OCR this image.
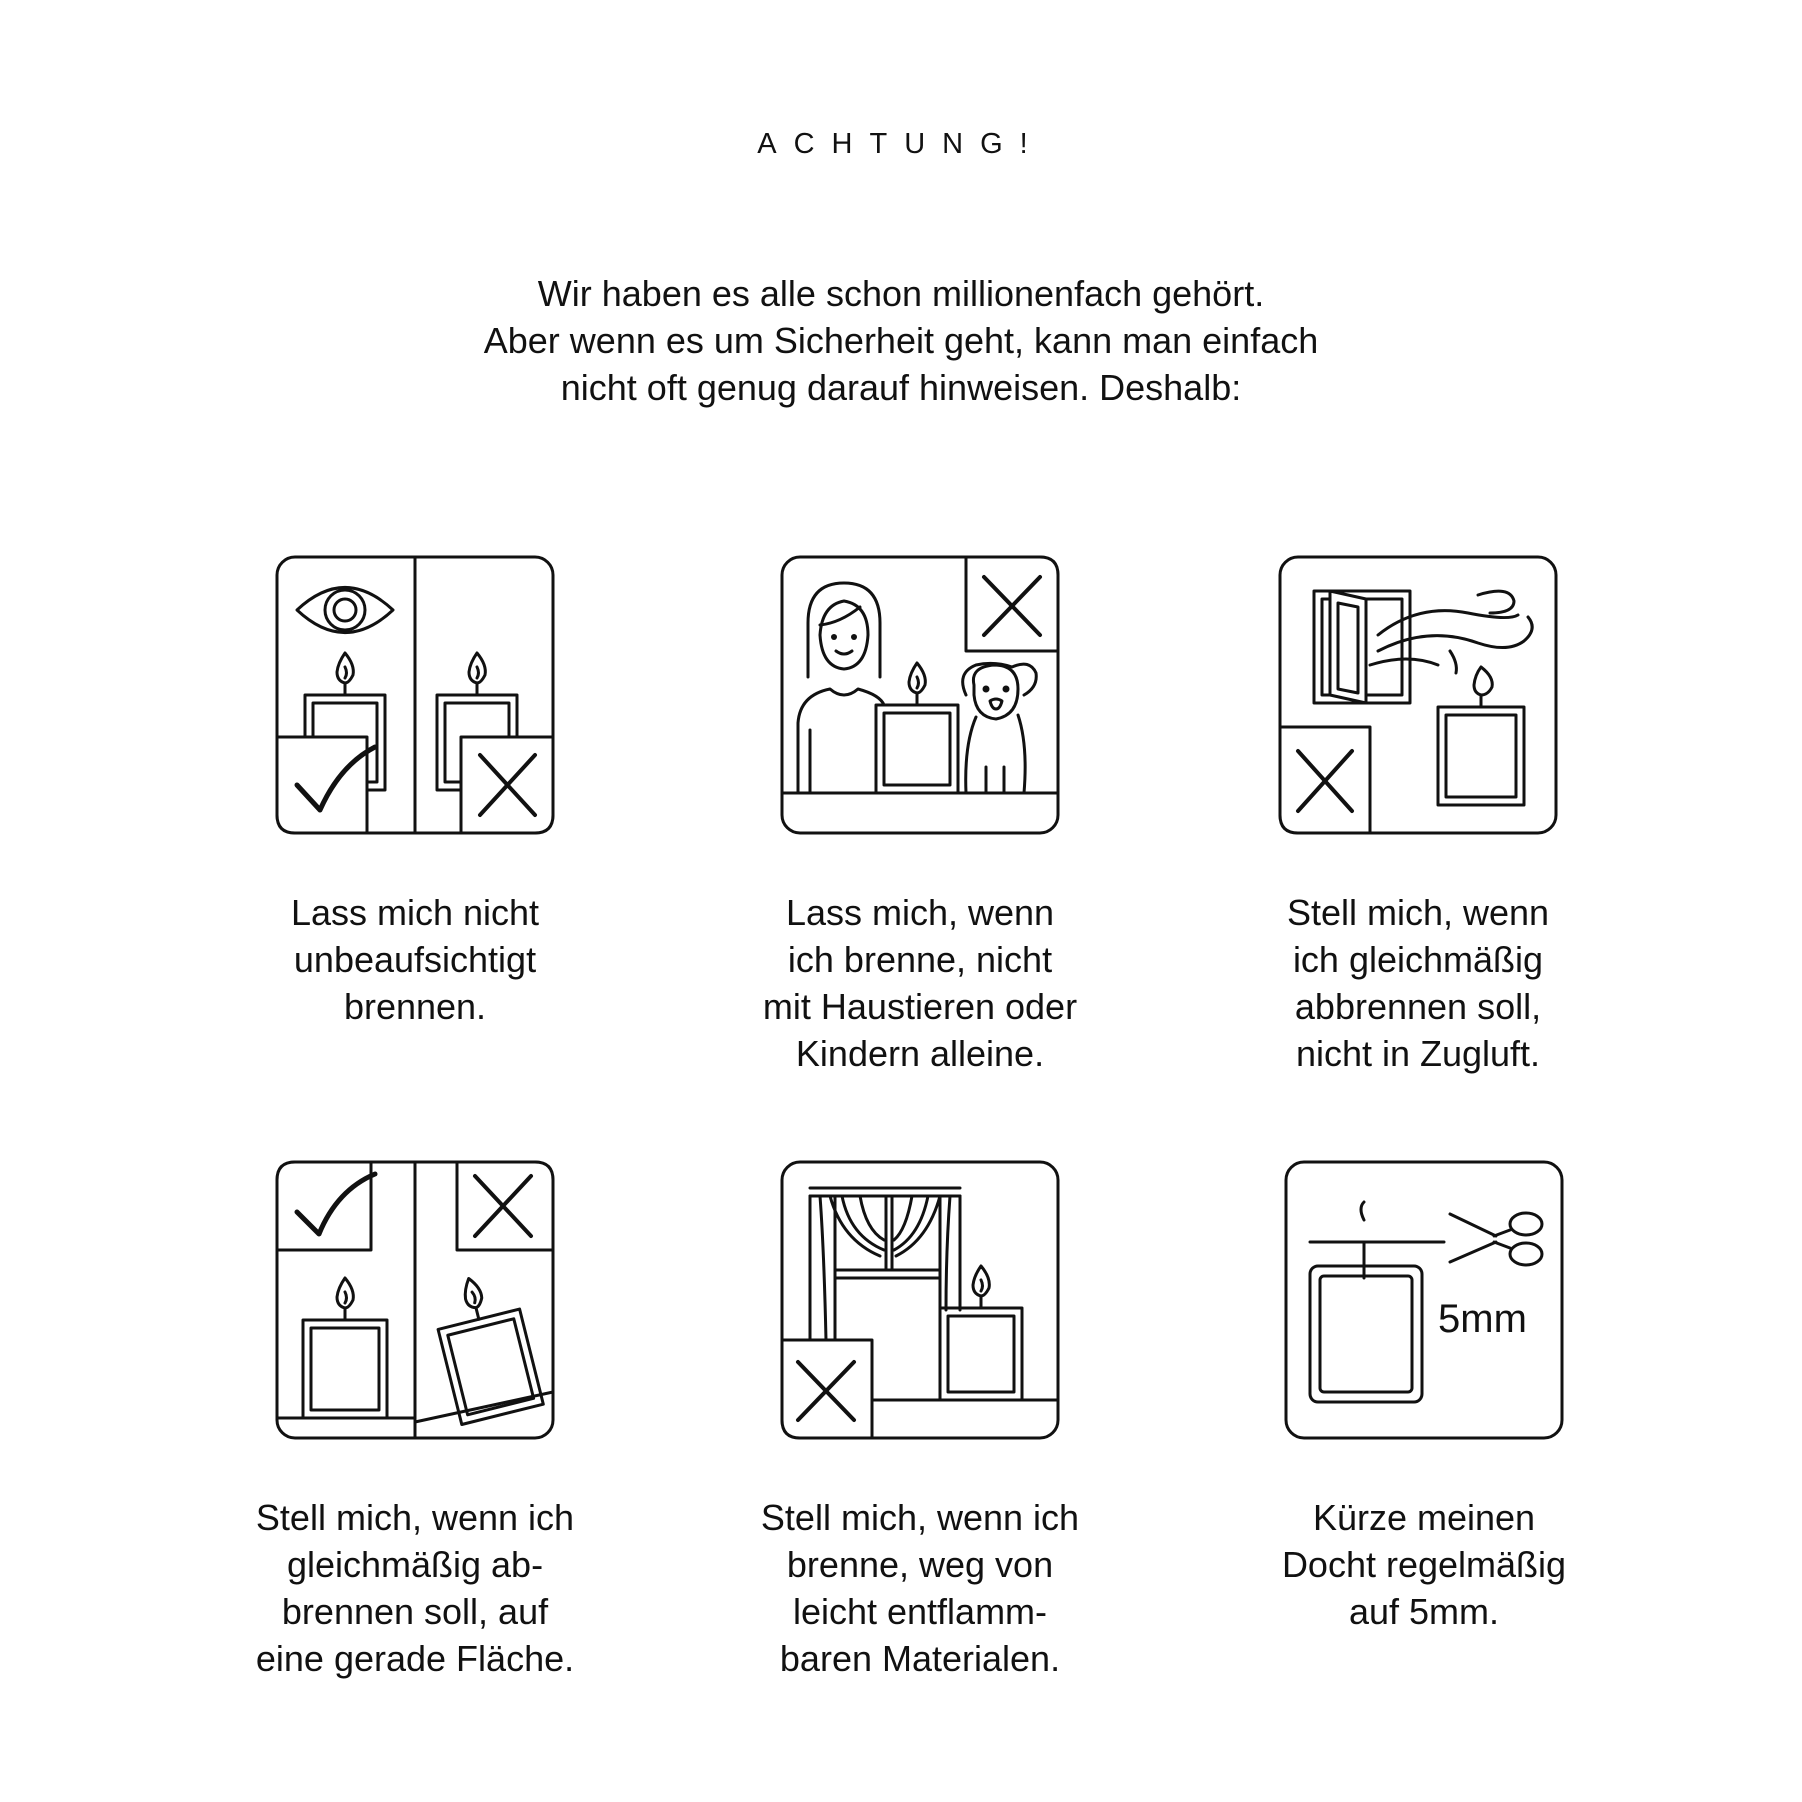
ACHTUNG!
Wir haben es alle schon millionenfach gehört.
Aber wenn es um Sicherheit geht, kann man einfach
nicht oft genug darauf hinweisen. Deshalb:
Lass mich nicht
unbeaufsichtigt
brennen.
Lass mich, wenn
ich brenne, nicht
mit Haustieren oder
Kindern alleine.
Stell mich, wenn
ich gleichmäßig
abbrennen soll,
nicht in Zugluft.
Stell mich, wenn ich
gleichmäßig ab-
brennen soll, auf
eine gerade Fläche.
Stell mich, wenn ich
brenne, weg von
leicht entflamm-
baren Materialen.
5mm
Kürze meinen
Docht regelmäßig
auf 5mm.
